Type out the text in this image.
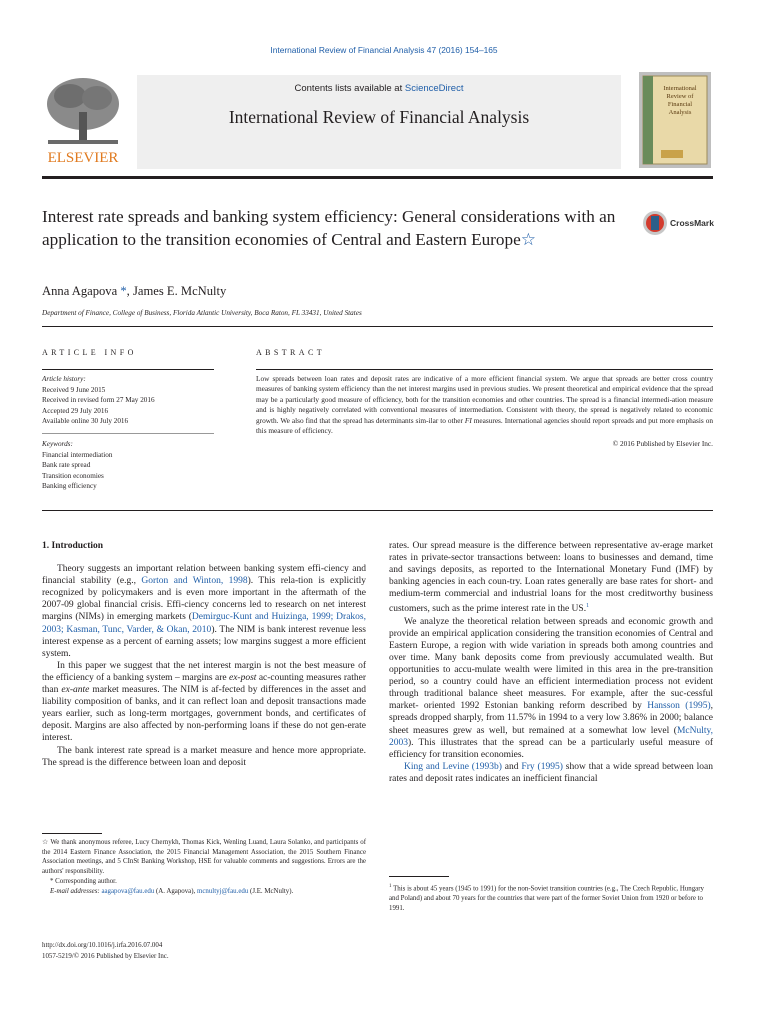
International Review of Financial Analysis 47 (2016) 154–165
ELSEVIER
Contents lists available at ScienceDirect
International Review of Financial Analysis
International
Review of
Financial
Analysis
Interest rate spreads and banking system efficiency: General considerations with an application to the transition economies of Central and Eastern Europe☆
CrossMark
Anna Agapova *, James E. McNulty
Department of Finance, College of Business, Florida Atlantic University, Boca Raton, FL 33431, United States
ARTICLE INFO
Article history:
Received 9 June 2015
Received in revised form 27 May 2016
Accepted 29 July 2016
Available online 30 July 2016
Keywords:
Financial intermediation
Bank rate spread
Transition economies
Banking efficiency
ABSTRACT
Low spreads between loan rates and deposit rates are indicative of a more efficient financial system. We argue that spreads are better cross country measures of banking system efficiency than the net interest margins used in previous studies. We present theoretical and empirical evidence that the spread may be a particularly good measure of efficiency, both for the transition economies and other countries. The spread is a financial intermedi-ation measure and is highly negatively correlated with conventional measures of intermediation. Consistent with theory, the spread is negatively related to economic growth. We also find that the spread has determinants sim-ilar to other FI measures. International agencies should report spreads and put more emphasis on this measure of efficiency.
© 2016 Published by Elsevier Inc.
1. Introduction

Theory suggests an important relation between banking system effi-ciency and financial stability (e.g., Gorton and Winton, 1998). This rela-tion is explicitly recognized by policymakers and is even more important in the aftermath of the 2007-09 global financial crisis. Effi-ciency concerns led to research on net interest margins (NIMs) in emerging markets (Demirguc-Kunt and Huizinga, 1999; Drakos, 2003; Kasman, Tunc, Varder, & Okan, 2010). The NIM is bank interest revenue less interest expense as a percent of earning assets; low margins suggest a more efficient system.

In this paper we suggest that the net interest margin is not the best measure of the efficiency of a banking system – margins are ex-post ac-counting measures rather than ex-ante market measures. The NIM is af-fected by differences in the asset and liability composition of banks, and it can reflect loan and deposit transactions made years earlier, such as long-term mortgages, government bonds, and certificates of deposit. Margins are also affected by non-performing loans if these do not gen-erate interest.

The bank interest rate spread is a market measure and hence more appropriate. The spread is the difference between loan and deposit

☆ We thank anonymous referee, Lucy Chernykh, Thomas Kick, Wenling Luand, Laura Solanko, and participants of the 2014 Eastern Finance Association, the 2015 Financial Management Association, the 2015 Southern Finance Association meetings, and 5 CInSt Banking Workshop, HSE for valuable comments and suggestions. Errors are the authors' responsibility.
* Corresponding author.
E-mail addresses: aagapova@fau.edu (A. Agapova), mcnultyj@fau.edu (J.E. McNulty).
http://dx.doi.org/10.1016/j.irfa.2016.07.004
1057-5219/© 2016 Published by Elsevier Inc.

rates. Our spread measure is the difference between representative av-erage market rates in private-sector transactions between: loans to businesses and demand, time and savings deposits, as reported to the International Monetary Fund (IMF) by banking agencies in each coun-try. Loan rates generally are base rates for short- and medium-term commercial and industrial loans for the most creditworthy business customers, such as the prime interest rate in the US.$^1$

We analyze the theoretical relation between spreads and economic growth and provide an empirical application considering the transition economies of Central and Eastern Europe, a region with wide variation in spreads both among countries and over time. Many bank deposits come from previously accumulated wealth. But opportunities to accu-mulate wealth were limited in this area in the pre-transition period, so a country could have an efficient intermediation process not evident through traditional balance sheet measures. For example, after the suc-cessful market- oriented 1992 Estonian banking reform described by Hansson (1995), spreads dropped sharply, from 11.57% in 1994 to a very low 3.86% in 2000; balance sheet measures grew as well, but remained at a somewhat low level (McNulty, 2003). This illustrates that the spread can be a particularly useful measure of efficiency for transition economies.

King and Levine (1993b) and Fry (1995) show that a wide spread between loan rates and deposit rates indicates an inefficient financial

$^1$ This is about 45 years (1945 to 1991) for the non-Soviet transition countries (e.g., The Czech Republic, Hungary and Poland) and about 70 years for the countries that were part of the former Soviet Union from 1920 or before to 1991.
